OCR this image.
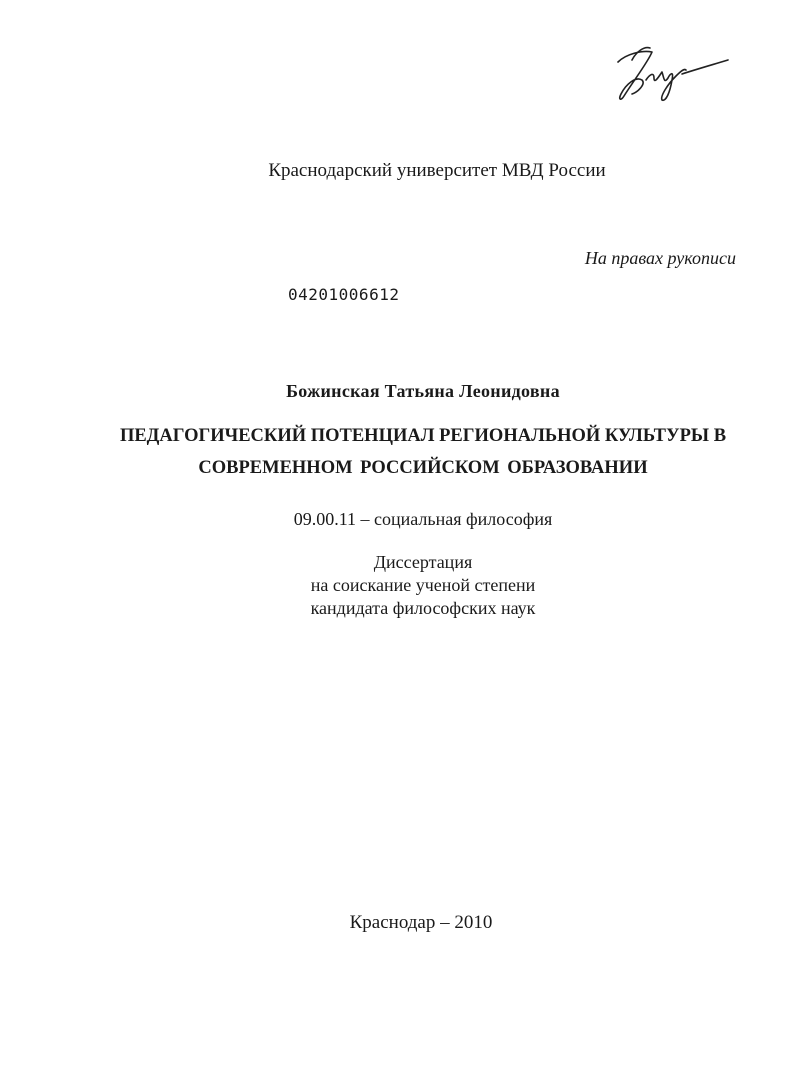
Краснодарский университет МВД России
На правах рукописи
04201006612
Божинская Татьяна Леонидовна
ПЕДАГОГИЧЕСКИЙ ПОТЕНЦИАЛ РЕГИОНАЛЬНОЙ КУЛЬТУРЫ В
СОВРЕМЕННОМ РОССИЙСКОМ ОБРАЗОВАНИИ
09.00.11 – социальная философия
Диссертация
на соискание ученой степени
кандидата философских наук
Краснодар – 2010
